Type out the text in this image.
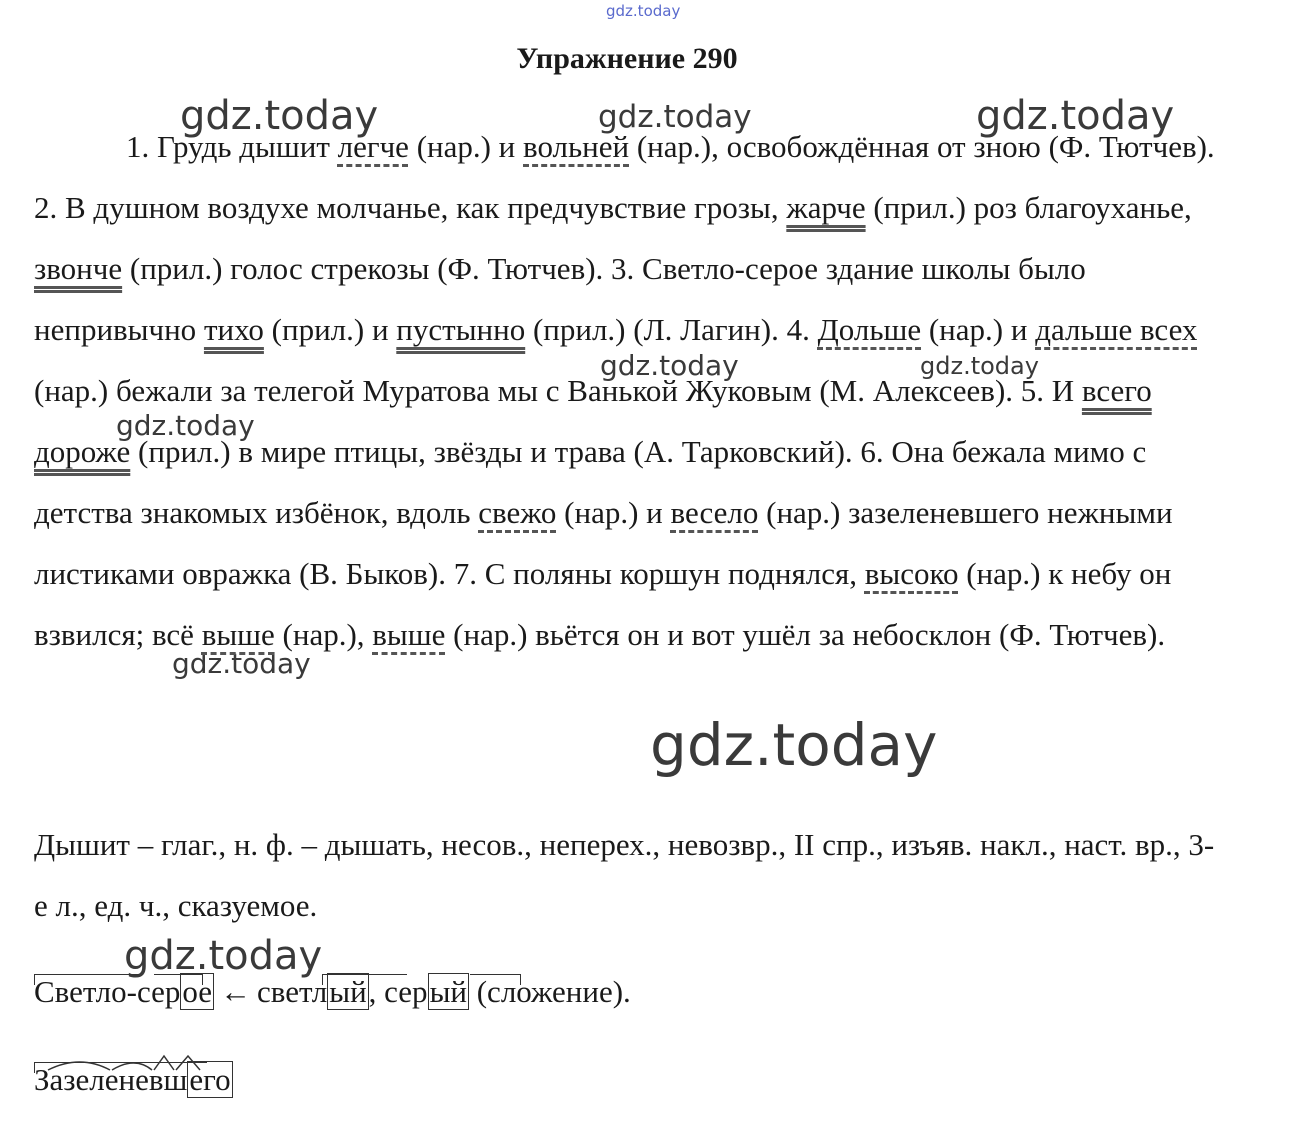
gdz.today
gdz.today	gdz.today	gdz.today
gdz.today	gdz.today
gdz.today
gdz.today
gdz.today
gdz.today
Упражнение 290
1. Грудь дышит легче (нар.) и вольней (нар.), освобождённая от зною (Ф. Тютчев). 2. В душном воздухе молчанье, как предчувствие грозы, жарче (прил.) роз благоуханье, звонче (прил.) голос стрекозы (Ф. Тютчев). 3. Светло-серое здание школы было непривычно тихо (прил.) и пустынно (прил.) (Л. Лагин). 4. Дольше (нар.) и дальше всех (нар.) бежали за телегой Муратова мы с Ванькой Жуковым (М. Алексеев). 5. И всего дороже (прил.) в мире птицы, звёзды и трава (А. Тарковский). 6. Она бежала мимо с детства знакомых избёнок, вдоль свежо (нар.) и весело (нар.) зазеленевшего нежными листиками овражка (В. Быков). 7. С поляны коршун поднялся, высоко (нар.) к небу он взвился; всё выше (нар.), выше (нар.) вьётся он и вот ушёл за небосклон (Ф. Тютчев).
Дышит – глаг., н. ф. – дышать, несов., неперех., невозвр., II спр., изъяв. накл., наст. вр., 3-е л., ед. ч., сказуемое.
Светло-серое ← светлый, серый (сложение).
Зазеленевшего
